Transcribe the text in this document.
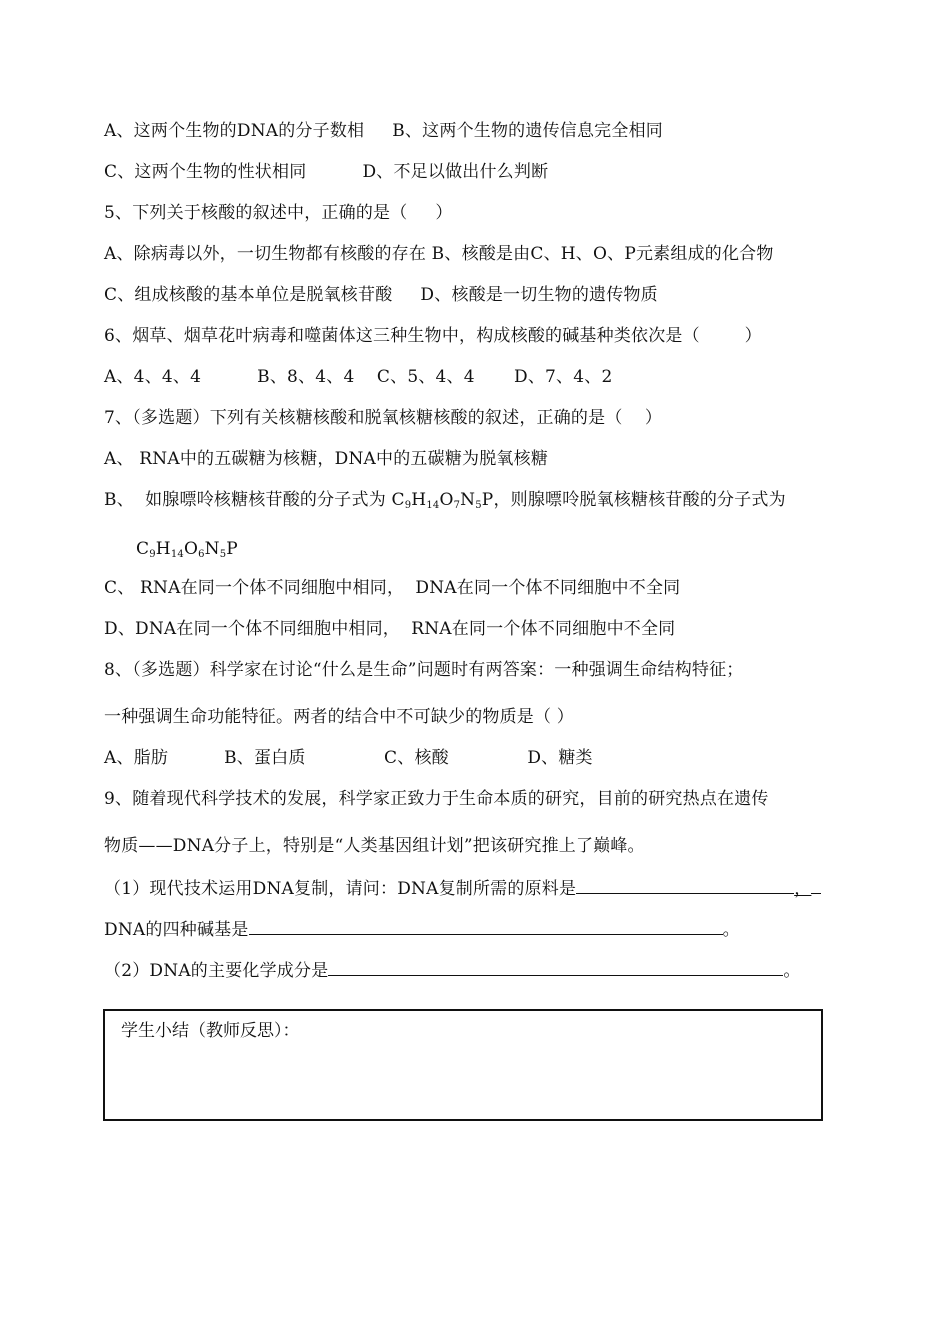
A、这两个生物的DNA的分子数相     B、这两个生物的遗传信息完全相同
C、这两个生物的性状相同          D、不足以做出什么判断
5、下列关于核酸的叙述中，正确的是（     ）
A、除病毒以外，一切生物都有核酸的存在 B、核酸是由C、H、O、P元素组成的化合物
C、组成核酸的基本单位是脱氧核苷酸     D、核酸是一切生物的遗传物质
6、烟草、烟草花叶病毒和噬菌体这三种生物中，构成核酸的碱基种类依次是（        ）
A、4、4、4          B、8、4、4    C、5、4、4       D、7、4、2
7、（多选题）下列有关核糖核酸和脱氧核糖核酸的叙述，正确的是（    ）
A、 RNA中的五碳糖为核糖，DNA中的五碳糖为脱氧核糖
B、  如腺嘌呤核糖核苷酸的分子式为 $C_9H_{14}O_7N_5P$，则腺嘌呤脱氧核糖核苷酸的分子式为
$C_9H_{14}O_6N_5P$
C、 RNA在同一个体不同细胞中相同，  DNA在同一个体不同细胞中不全同
D、DNA在同一个体不同细胞中相同，  RNA在同一个体不同细胞中不全同
8、（多选题）科学家在讨论“什么是生命”问题时有两答案：一种强调生命结构特征；
一种强调生命功能特征。两者的结合中不可缺少的物质是（ ）
A、脂肪          B、蛋白质              C、核酸              D、糖类
9、随着现代科学技术的发展，科学家正致力于生命本质的研究，目前的研究热点在遗传
物质——DNA分子上，特别是“人类基因组计划”把该研究推上了巅峰。
（1）现代技术运用DNA复制，请问：DNA复制所需的原料是	，
DNA的四种碱基是	。
（2）DNA的主要化学成分是	。
学生小结（教师反思）：
